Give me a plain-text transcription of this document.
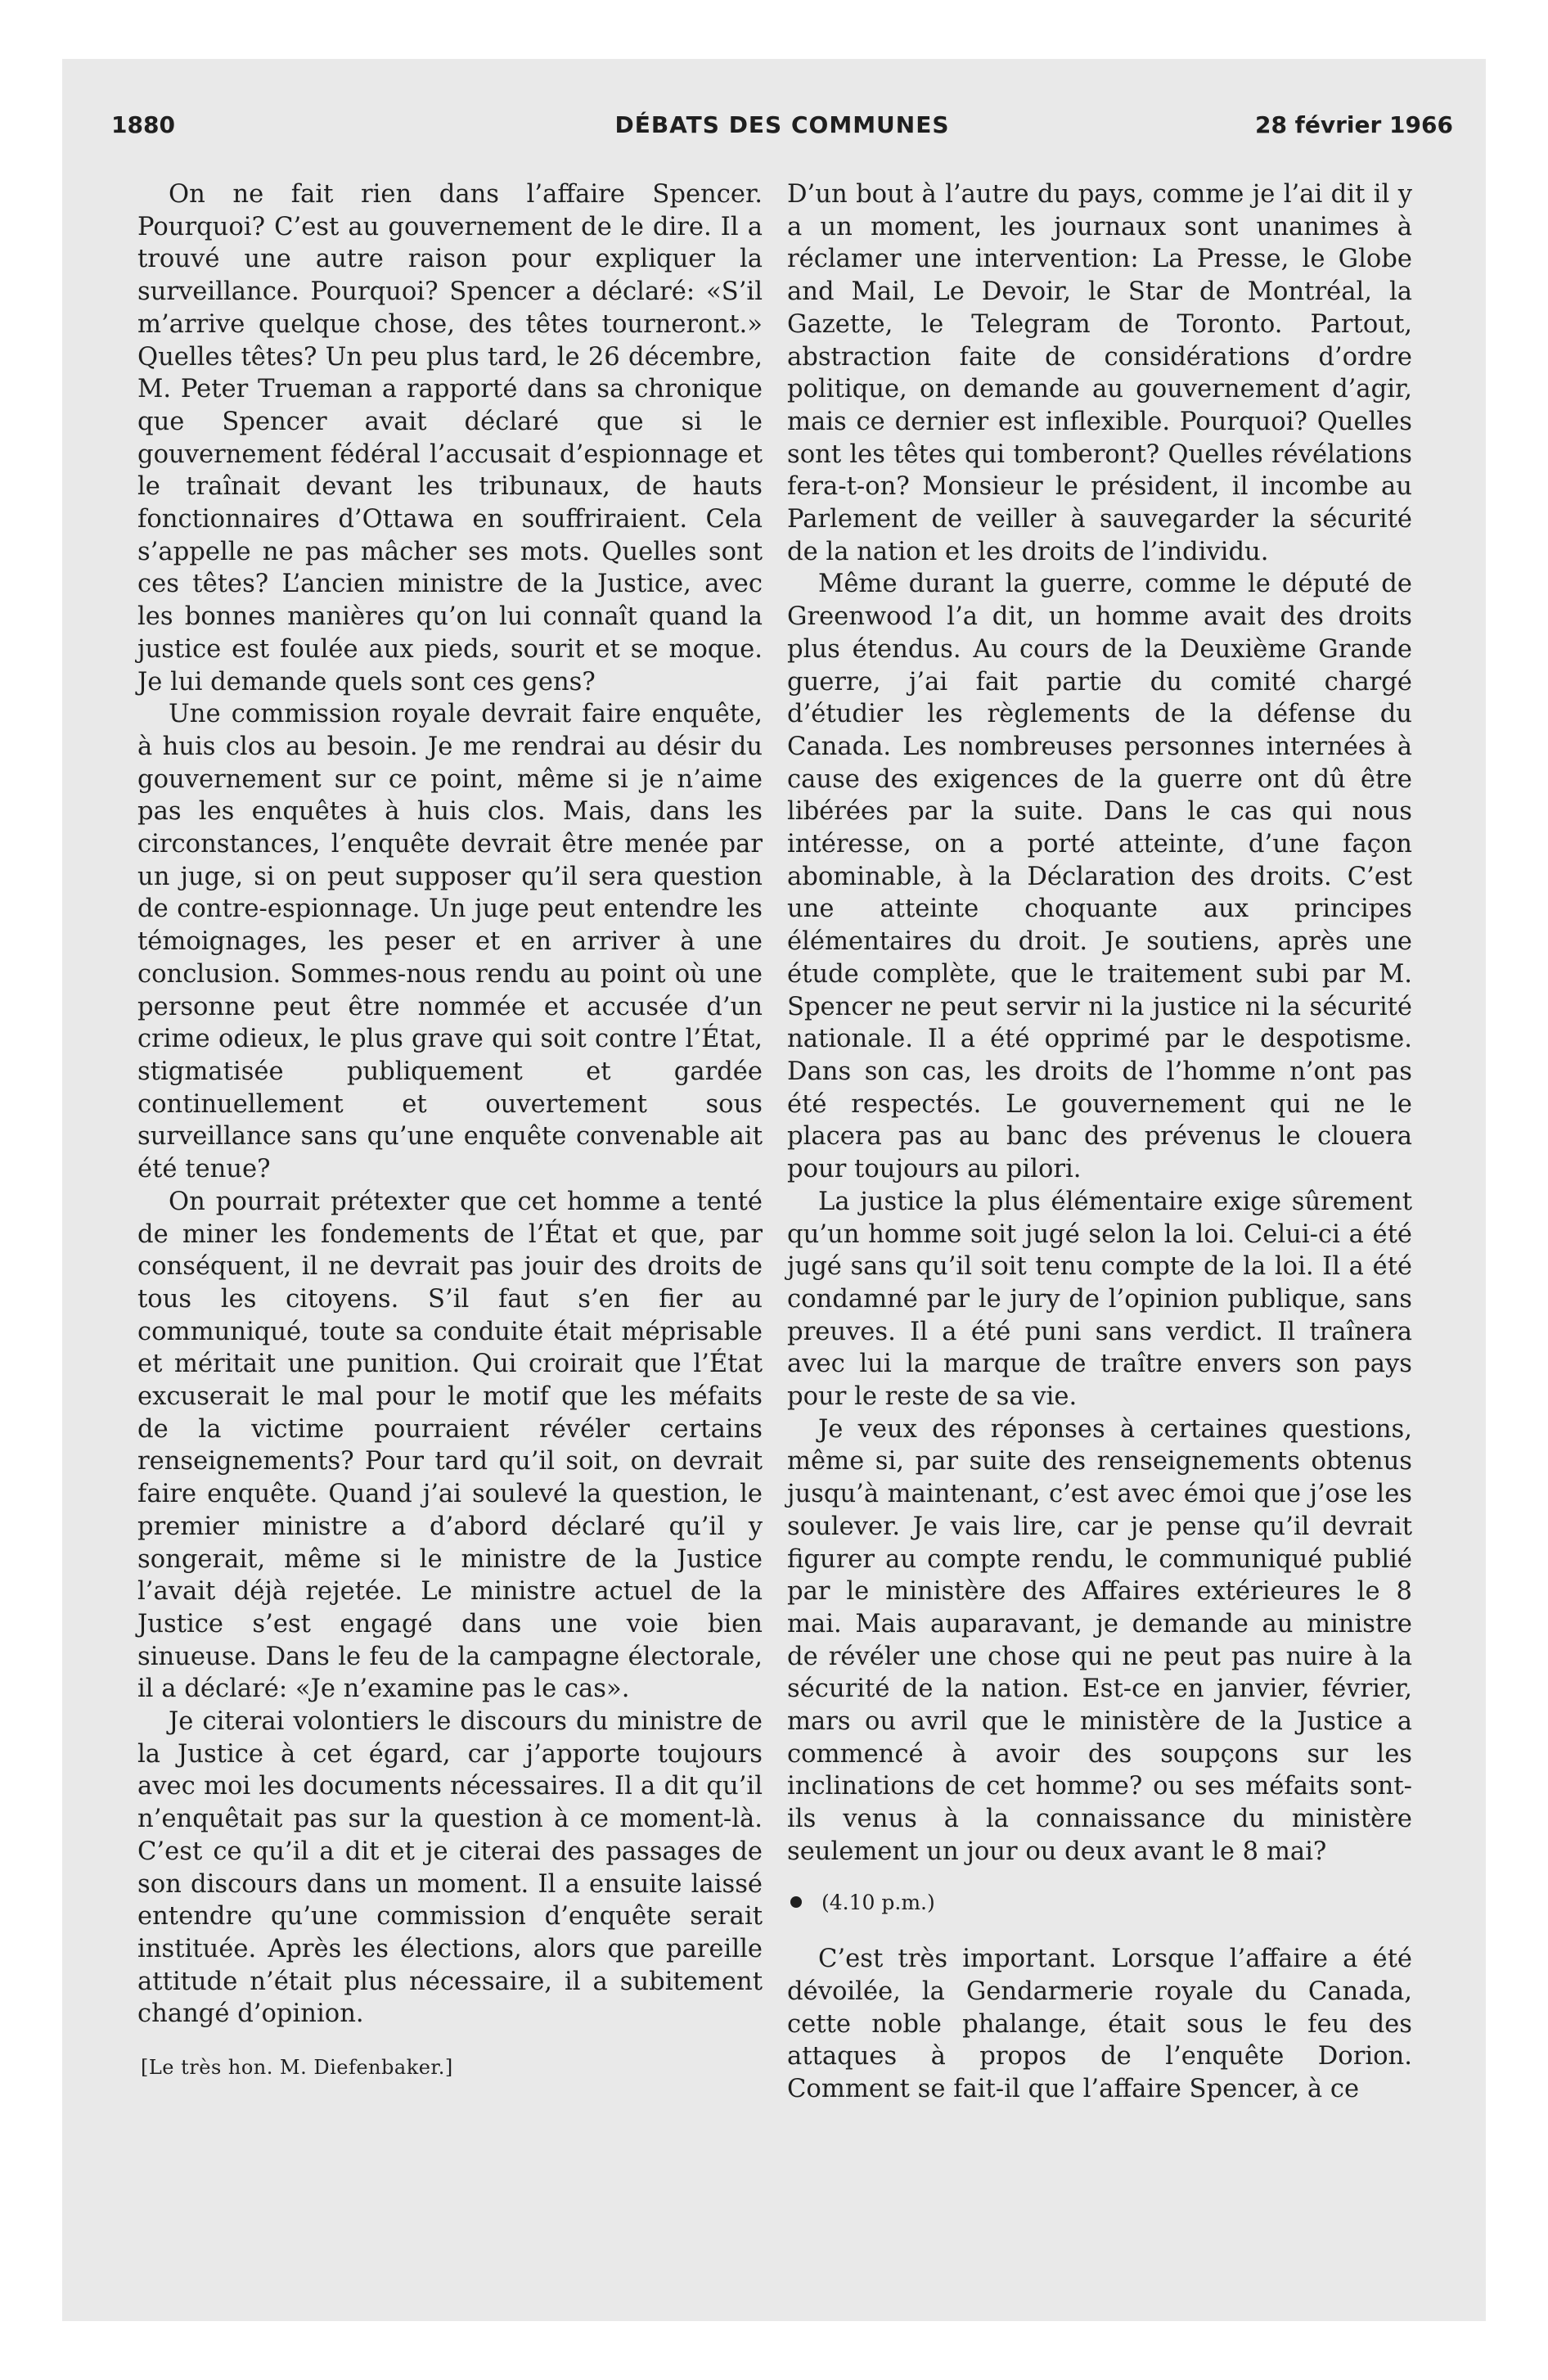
1880	DÉBATS DES COMMUNES	28 février 1966

On ne fait rien dans l’affaire Spencer. Pourquoi? C’est au gouvernement de le dire. Il a trouvé une autre raison pour expliquer la surveillance. Pourquoi? Spencer a déclaré: «S’il m’arrive quelque chose, des têtes tourneront.» Quelles têtes? Un peu plus tard, le 26 décembre, M. Peter Trueman a rapporté dans sa chronique que Spencer avait déclaré que si le gouvernement fédéral l’accusait d’espionnage et le traînait devant les tribunaux, de hauts fonctionnaires d’Ottawa en souffriraient. Cela s’appelle ne pas mâcher ses mots. Quelles sont ces têtes? L’ancien ministre de la Justice, avec les bonnes manières qu’on lui connaît quand la justice est foulée aux pieds, sourit et se moque. Je lui demande quels sont ces gens?

Une commission royale devrait faire enquête, à huis clos au besoin. Je me rendrai au désir du gouvernement sur ce point, même si je n’aime pas les enquêtes à huis clos. Mais, dans les circonstances, l’enquête devrait être menée par un juge, si on peut supposer qu’il sera question de contre-espionnage. Un juge peut entendre les témoignages, les peser et en arriver à une conclusion. Sommes-nous rendu au point où une personne peut être nommée et accusée d’un crime odieux, le plus grave qui soit contre l’État, stigmatisée publiquement et gardée continuellement et ouvertement sous surveillance sans qu’une enquête convenable ait été tenue?

On pourrait prétexter que cet homme a tenté de miner les fondements de l’État et que, par conséquent, il ne devrait pas jouir des droits de tous les citoyens. S’il faut s’en fier au communiqué, toute sa conduite était méprisable et méritait une punition. Qui croirait que l’État excuserait le mal pour le motif que les méfaits de la victime pourraient révéler certains renseignements? Pour tard qu’il soit, on devrait faire enquête. Quand j’ai soulevé la question, le premier ministre a d’abord déclaré qu’il y songerait, même si le ministre de la Justice l’avait déjà rejetée. Le ministre actuel de la Justice s’est engagé dans une voie bien sinueuse. Dans le feu de la campagne électorale, il a déclaré: «Je n’examine pas le cas».

Je citerai volontiers le discours du ministre de la Justice à cet égard, car j’apporte toujours avec moi les documents nécessaires. Il a dit qu’il n’enquêtait pas sur la question à ce moment-là. C’est ce qu’il a dit et je citerai des passages de son discours dans un moment. Il a ensuite laissé entendre qu’une commission d’enquête serait instituée. Après les élections, alors que pareille attitude n’était plus nécessaire, il a subitement changé d’opinion.

[Le très hon. M. Diefenbaker.]

D’un bout à l’autre du pays, comme je l’ai dit il y a un moment, les journaux sont unanimes à réclamer une intervention: La Presse, le Globe and Mail, Le Devoir, le Star de Montréal, la Gazette, le Telegram de Toronto. Partout, abstraction faite de considérations d’ordre politique, on demande au gouvernement d’agir, mais ce dernier est inflexible. Pourquoi? Quelles sont les têtes qui tomberont? Quelles révélations fera-t-on? Monsieur le président, il incombe au Parlement de veiller à sauvegarder la sécurité de la nation et les droits de l’individu.

Même durant la guerre, comme le député de Greenwood l’a dit, un homme avait des droits plus étendus. Au cours de la Deuxième Grande guerre, j’ai fait partie du comité chargé d’étudier les règlements de la défense du Canada. Les nombreuses personnes internées à cause des exigences de la guerre ont dû être libérées par la suite. Dans le cas qui nous intéresse, on a porté atteinte, d’une façon abominable, à la Déclaration des droits. C’est une atteinte choquante aux principes élémentaires du droit. Je soutiens, après une étude complète, que le traitement subi par M. Spencer ne peut servir ni la justice ni la sécurité nationale. Il a été opprimé par le despotisme. Dans son cas, les droits de l’homme n’ont pas été respectés. Le gouvernement qui ne le placera pas au banc des prévenus le clouera pour toujours au pilori.

La justice la plus élémentaire exige sûrement qu’un homme soit jugé selon la loi. Celui-ci a été jugé sans qu’il soit tenu compte de la loi. Il a été condamné par le jury de l’opinion publique, sans preuves. Il a été puni sans verdict. Il traînera avec lui la marque de traître envers son pays pour le reste de sa vie.

Je veux des réponses à certaines questions, même si, par suite des renseignements obtenus jusqu’à maintenant, c’est avec émoi que j’ose les soulever. Je vais lire, car je pense qu’il devrait figurer au compte rendu, le communiqué publié par le ministère des Affaires extérieures le 8 mai. Mais auparavant, je demande au ministre de révéler une chose qui ne peut pas nuire à la sécurité de la nation. Est-ce en janvier, février, mars ou avril que le ministère de la Justice a commencé à avoir des soupçons sur les inclinations de cet homme? ou ses méfaits sont-ils venus à la connaissance du ministère seulement un jour ou deux avant le 8 mai?

(4.10 p.m.)

C’est très important. Lorsque l’affaire a été dévoilée, la Gendarmerie royale du Canada, cette noble phalange, était sous le feu des attaques à propos de l’enquête Dorion. Comment se fait-il que l’affaire Spencer, à ce
